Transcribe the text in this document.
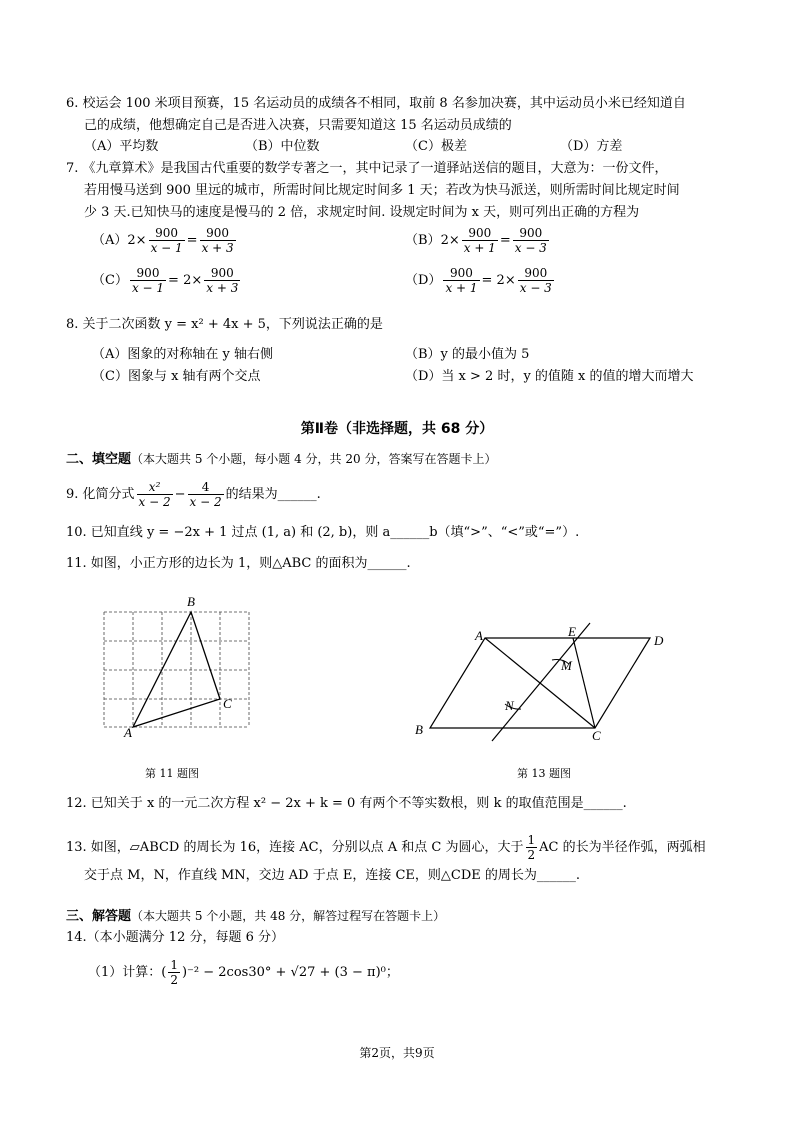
6. 校运会 100 米项目预赛，15 名运动员的成绩各不相同，取前 8 名参加决赛，其中运动员小米已经知道自
己的成绩，他想确定自己是否进入决赛，只需要知道这 15 名运动员成绩的
（A）平均数	（B）中位数	（C）极差	（D）方差
7. 《九章算术》是我国古代重要的数学专著之一，其中记录了一道驿站送信的题目，大意为：一份文件，
若用慢马送到 900 里远的城市，所需时间比规定时间多 1 天；若改为快马派送，则所需时间比规定时间
少 3 天.已知快马的速度是慢马的 2 倍，求规定时间. 设规定时间为 x 天，则可列出正确的方程为
$(A)2\times \frac{900}{x - 1} = \frac{900}{x + 3}$	$(B)2\times \frac{900}{x + 1} = \frac{900}{x - 3}$
$(C) \frac{900}{x - 1} = 2\times \frac{900}{x + 3}$	$(D) \frac{900}{x + 1} = 2\times \frac{900}{x - 3}$
8. 关于二次函数 y = x² + 4x + 5，下列说法正确的是
（A）图象的对称轴在 y 轴右侧	（B）y 的最小值为 5
（C）图象与 x 轴有两个交点	（D）当 x > 2 时，y 的值随 x 的值的增大而增大
第Ⅱ卷（非选择题，共 68 分）
二、填空题（本大题共 5 个小题，每小题 4 分，共 20 分，答案写在答题卡上）
9. 化简分式 $\frac{\text{x²}}{x - 2} - \frac{4}{x - 2}$ 的结果为______.
10. 已知直线 y = −2x + 1 过点 (1, a) 和 (2, b)，则 a______b（填“>”、“<”或“=”）.
11. 如图，小正方形的边长为 1，则△ABC 的面积为______.
A
B
C
第 11 题图
A	E
D
M
N
B	C
第 13 题图
12. 已知关于 x 的一元二次方程 x² − 2x + k = 0 有两个不等实数根，则 k 的取值范围是______.
13. 如图，▱ABCD 的周长为 16，连接 AC，分别以点 A 和点 C 为圆心，大于 $\frac{1}{2}$ AC 的长为半径作弧，两弧相
交于点 M，N，作直线 MN，交边 AD 于点 E，连接 CE，则△CDE 的周长为______.
三、解答题（本大题共 5 个小题，共 48 分，解答过程写在答题卡上）
14.（本小题满分 12 分，每题 6 分）
（1）计算：( $\frac{1}{2} )^{-2} - 2\cos 30^\circ + √27 + (3 - \pi)^0$；
第2页，共9页
